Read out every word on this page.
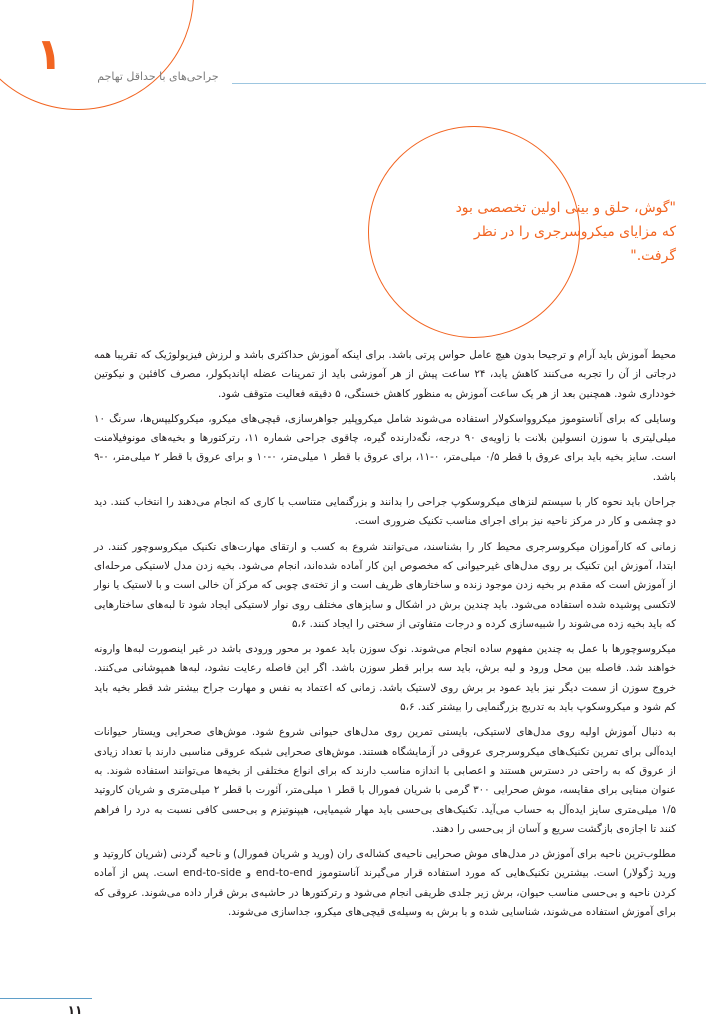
۱	جراحی‌های با حداقل تهاجم
"گوش، حلق و بینی اولین تخصصی بود که مزایای میکروسرجری را در نظر گرفت."

محیط آموزش باید آرام و ترجیحا بدون هیچ عامل حواس پرتی باشد. برای اینکه آموزش حداکثری باشد و لرزش فیزیولوژیک که تقریبا همه درجاتی از آن را تجربه می‌کنند کاهش یابد، ۲۴ ساعت پیش از هر آموزشی باید از تمرینات عضله اپاندیکولر، مصرف کافئین و نیکوتین خودداری شود. همچنین بعد از هر یک ساعت آموزش به منظور کاهش خستگی، ۵ دقیقه فعالیت متوقف شود.

وسایلی که برای آناستوموز میکروواسکولار استفاده می‌شوند شامل میکروپلیر جواهرسازی، قیچی‌های میکرو، میکروکلیپس‌ها، سرنگ ۱۰ میلی‌لیتری با سوزن انسولین بلانت با زاویه‌ی ۹۰ درجه، نگه‌دارنده گیره، چاقوی جراحی شماره ۱۱، رترکتورها و بخیه‌های مونوفیلامنت است. سایز بخیه باید برای عروق با قطر ۰/۵ میلی‌متر، ۰-۱۱، برای عروق با قطر ۱ میلی‌متر، ۰-۱۰ و برای عروق با قطر ۲ میلی‌متر، ۰-۹ باشد.

جراحان باید نحوه کار با سیستم لنزهای میکروسکوپ جراحی را بدانند و بزرگنمایی متناسب با کاری که انجام می‌دهند را انتخاب کنند. دید دو چشمی و کار در مرکز ناحیه نیز برای اجرای مناسب تکنیک ضروری است.

زمانی که کارآموزان میکروسرجری محیط کار را بشناسند، می‌توانند شروع به کسب و ارتقای مهارت‌های تکنیک میکروسوچور کنند. در ابتدا، آموزش این تکنیک بر روی مدل‌های غیرحیوانی که مخصوص این کار آماده شده‌اند، انجام می‌شود. بخیه زدن مدل لاستیکی مرحله‌ای از آموزش است که مقدم بر بخیه زدن موجود زنده و ساختارهای ظریف است و از تخته‌ی چوبی که مرکز آن خالی است و با لاستیک یا نوار لاتکسی پوشیده شده استفاده می‌شود. باید چندین برش در اشکال و سایزهای مختلف روی نوار لاستیکی ایجاد شود تا لبه‌های ساختارهایی که باید بخیه زده می‌شوند را شبیه‌سازی کرده و درجات متفاوتی از سختی را ایجاد کنند. ۵،۶

میکروسوچورها با عمل به چندین مفهوم ساده انجام می‌شوند. نوک سوزن باید عمود بر محور ورودی باشد در غیر اینصورت لبه‌ها وارونه خواهند شد. فاصله بین محل ورود و لبه برش، باید سه برابر قطر سوزن باشد. اگر این فاصله رعایت نشود، لبه‌ها همپوشانی می‌کنند. خروج سوزن از سمت دیگر نیز باید عمود بر برش روی لاستیک باشد. زمانی که اعتماد به نفس و مهارت جراح بیشتر شد قطر بخیه باید کم شود و میکروسکوپ باید به تدریج بزرگنمایی را بیشتر کند. ۵،۶

به دنبال آموزش اولیه روی مدل‌های لاستیکی، بایستی تمرین روی مدل‌های حیوانی شروع شود. موش‌های صحرایی ویستار حیوانات ایده‌آلی برای تمرین تکنیک‌های میکروسرجری عروقی در آزمایشگاه هستند. موش‌های صحرایی شبکه عروقی مناسبی دارند با تعداد زیادی از عروق که به راحتی در دسترس هستند و اعصابی با اندازه مناسب دارند که برای انواع مختلفی از بخیه‌ها می‌توانند استفاده شوند. به عنوان مبنایی برای مقایسه، موش صحرایی ۳۰۰ گرمی با شریان فمورال با قطر ۱ میلی‌متر، آئورت با قطر ۲ میلی‌متری و شریان کاروتید ۱/۵ میلی‌متری سایز ایده‌آل به حساب می‌آید. تکنیک‌های بی‌حسی باید مهار شیمیایی، هیپنوتیزم و بی‌حسی کافی نسبت به درد را فراهم کنند تا اجازه‌ی بازگشت سریع و آسان از بی‌حسی را دهند.

مطلوب‌ترین ناحیه برای آموزش در مدل‌های موش صحرایی ناحیه‌ی کشاله‌ی ران (ورید و شریان فمورال) و ناحیه گردنی (شریان کاروتید و ورید ژگولار) است. بیشترین تکنیک‌هایی که مورد استفاده قرار می‌گیرند آناستوموز end-to-end و end-to-side است. پس از آماده کردن ناحیه و بی‌حسی مناسب حیوان، برش زیر جلدی ظریفی انجام می‌شود و رترکتورها در حاشیه‌ی برش قرار داده می‌شوند. عروقی که برای آموزش استفاده می‌شوند، شناسایی شده و با برش به وسیله‌ی قیچی‌های میکرو، جداسازی می‌شوند.

۱۱
